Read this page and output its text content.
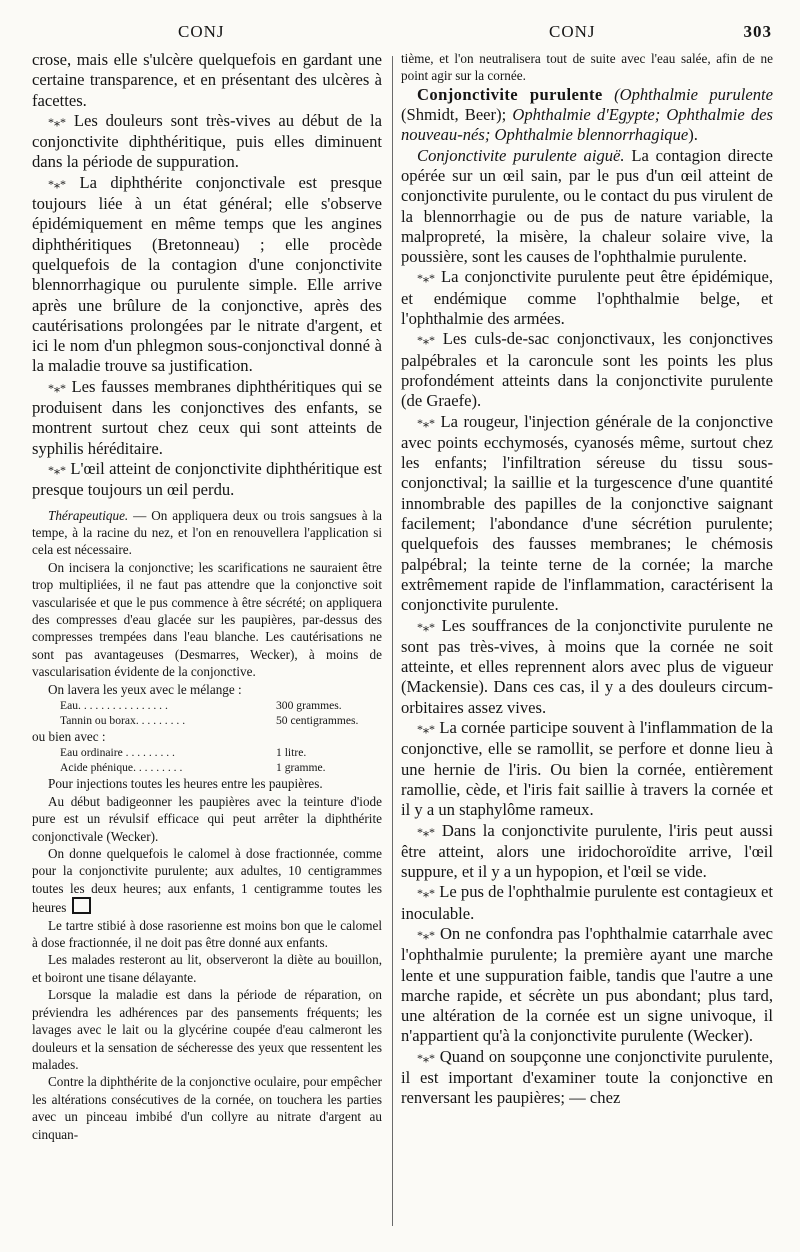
CONJ	CONJ	303

crose, mais elle s'ulcère quelquefois en gardant une certaine transparence, et en présentant des ulcères à facettes.

*⁎* Les douleurs sont très-vives au début de la conjonctivite diphthéritique, puis elles diminuent dans la période de suppuration.

*⁎* La diphthérite conjonctivale est presque toujours liée à un état général; elle s'observe épidémiquement en même temps que les angines diphthéritiques (Bretonneau) ; elle procède quelquefois de la contagion d'une conjonctivite blennorrhagique ou purulente simple. Elle arrive après une brûlure de la conjonctive, après des cautérisations prolongées par le nitrate d'argent, et ici le nom d'un phlegmon sous-conjonctival donné à la maladie trouve sa justification.

*⁎* Les fausses membranes diphthéritiques qui se produisent dans les conjonctives des enfants, se montrent surtout chez ceux qui sont atteints de syphilis héréditaire.

*⁎* L'œil atteint de conjonctivite diphthéritique est presque toujours un œil perdu.

Thérapeutique. — On appliquera deux ou trois sangsues à la tempe, à la racine du nez, et l'on en renouvellera l'application si cela est nécessaire.

On incisera la conjonctive; les scarifications ne sauraient être trop multipliées, il ne faut pas attendre que la conjonctive soit vascularisée et que le pus commence à être sécrété; on appliquera des compresses d'eau glacée sur les paupières, par-dessus des compresses trempées dans l'eau blanche. Les cautérisations ne sont pas avantageuses (Desmarres, Wecker), à moins de vascularisation évidente de la conjonctive.

On lavera les yeux avec le mélange :

Eau. . . . . . . . . . . . . . . .	300 grammes.
Tannin ou borax. . . . . . . . .	50 centigrammes.

ou bien avec :

Eau ordinaire . . . . . . . . .	1 litre.
Acide phénique. . . . . . . . .	1 gramme.

Pour injections toutes les heures entre les paupières.

Au début badigeonner les paupières avec la teinture d'iode pure est un révulsif efficace qui peut arrêter la diphthérite conjonctivale (Wecker).

On donne quelquefois le calomel à dose fractionnée, comme pour la conjonctivite purulente; aux adultes, 10 centigrammes toutes les deux heures; aux enfants, 1 centigramme toutes les heures

Le tartre stibié à dose rasorienne est moins bon que le calomel à dose fractionnée, il ne doit pas être donné aux enfants.

Les malades resteront au lit, observeront la diète au bouillon, et boiront une tisane délayante.

Lorsque la maladie est dans la période de réparation, on préviendra les adhérences par des pansements fréquents; les lavages avec le lait ou la glycérine coupée d'eau calmeront les douleurs et la sensation de sécheresse des yeux que ressentent les malades.

Contre la diphthérite de la conjonctive oculaire, pour empêcher les altérations consécutives de la cornée, on touchera les parties avec un pinceau imbibé d'un collyre au nitrate d'argent au cinquan-

tième, et l'on neutralisera tout de suite avec l'eau salée, afin de ne point agir sur la cornée.

Conjonctivite purulente (Ophthalmie purulente (Shmidt, Beer); Ophthalmie d'Egypte; Ophthalmie des nouveau-nés; Ophthalmie blennorrhagique).

Conjonctivite purulente aiguë. La contagion directe opérée sur un œil sain, par le pus d'un œil atteint de conjonctivite purulente, ou le contact du pus virulent de la blennorrhagie ou de pus de nature variable, la malpropreté, la misère, la chaleur solaire vive, la poussière, sont les causes de l'ophthalmie purulente.

*⁎* La conjonctivite purulente peut être épidémique, et endémique comme l'ophthalmie belge, et l'ophthalmie des armées.

*⁎* Les culs-de-sac conjonctivaux, les conjonctives palpébrales et la caroncule sont les points les plus profondément atteints dans la conjonctivite purulente (de Graefe).

*⁎* La rougeur, l'injection générale de la conjonctive avec points ecchymosés, cyanosés même, surtout chez les enfants; l'infiltration séreuse du tissu sous-conjonctival; la saillie et la turgescence d'une quantité innombrable des papilles de la conjonctive saignant facilement; l'abondance d'une sécrétion purulente; quelquefois des fausses membranes; le chémosis palpébral; la teinte terne de la cornée; la marche extrêmement rapide de l'inflammation, caractérisent la conjonctivite purulente.

*⁎* Les souffrances de la conjonctivite purulente ne sont pas très-vives, à moins que la cornée ne soit atteinte, et elles reprennent alors avec plus de vigueur (Mackensie). Dans ces cas, il y a des douleurs circum-orbitaires assez vives.

*⁎* La cornée participe souvent à l'inflammation de la conjonctive, elle se ramollit, se perfore et donne lieu à une hernie de l'iris. Ou bien la cornée, entièrement ramollie, cède, et l'iris fait saillie à travers la cornée et il y a un staphylôme rameux.

*⁎* Dans la conjonctivite purulente, l'iris peut aussi être atteint, alors une iridochoroïdite arrive, l'œil suppure, et il y a un hypopion, et l'œil se vide.

*⁎* Le pus de l'ophthalmie purulente est contagieux et inoculable.

*⁎* On ne confondra pas l'ophthalmie catarrhale avec l'ophthalmie purulente; la première ayant une marche lente et une suppuration faible, tandis que l'autre a une marche rapide, et sécrète un pus abondant; plus tard, une altération de la cornée est un signe univoque, il n'appartient qu'à la conjonctivite purulente (Wecker).

*⁎* Quand on soupçonne une conjonctivite purulente, il est important d'examiner toute la conjonctive en renversant les paupières; — chez
